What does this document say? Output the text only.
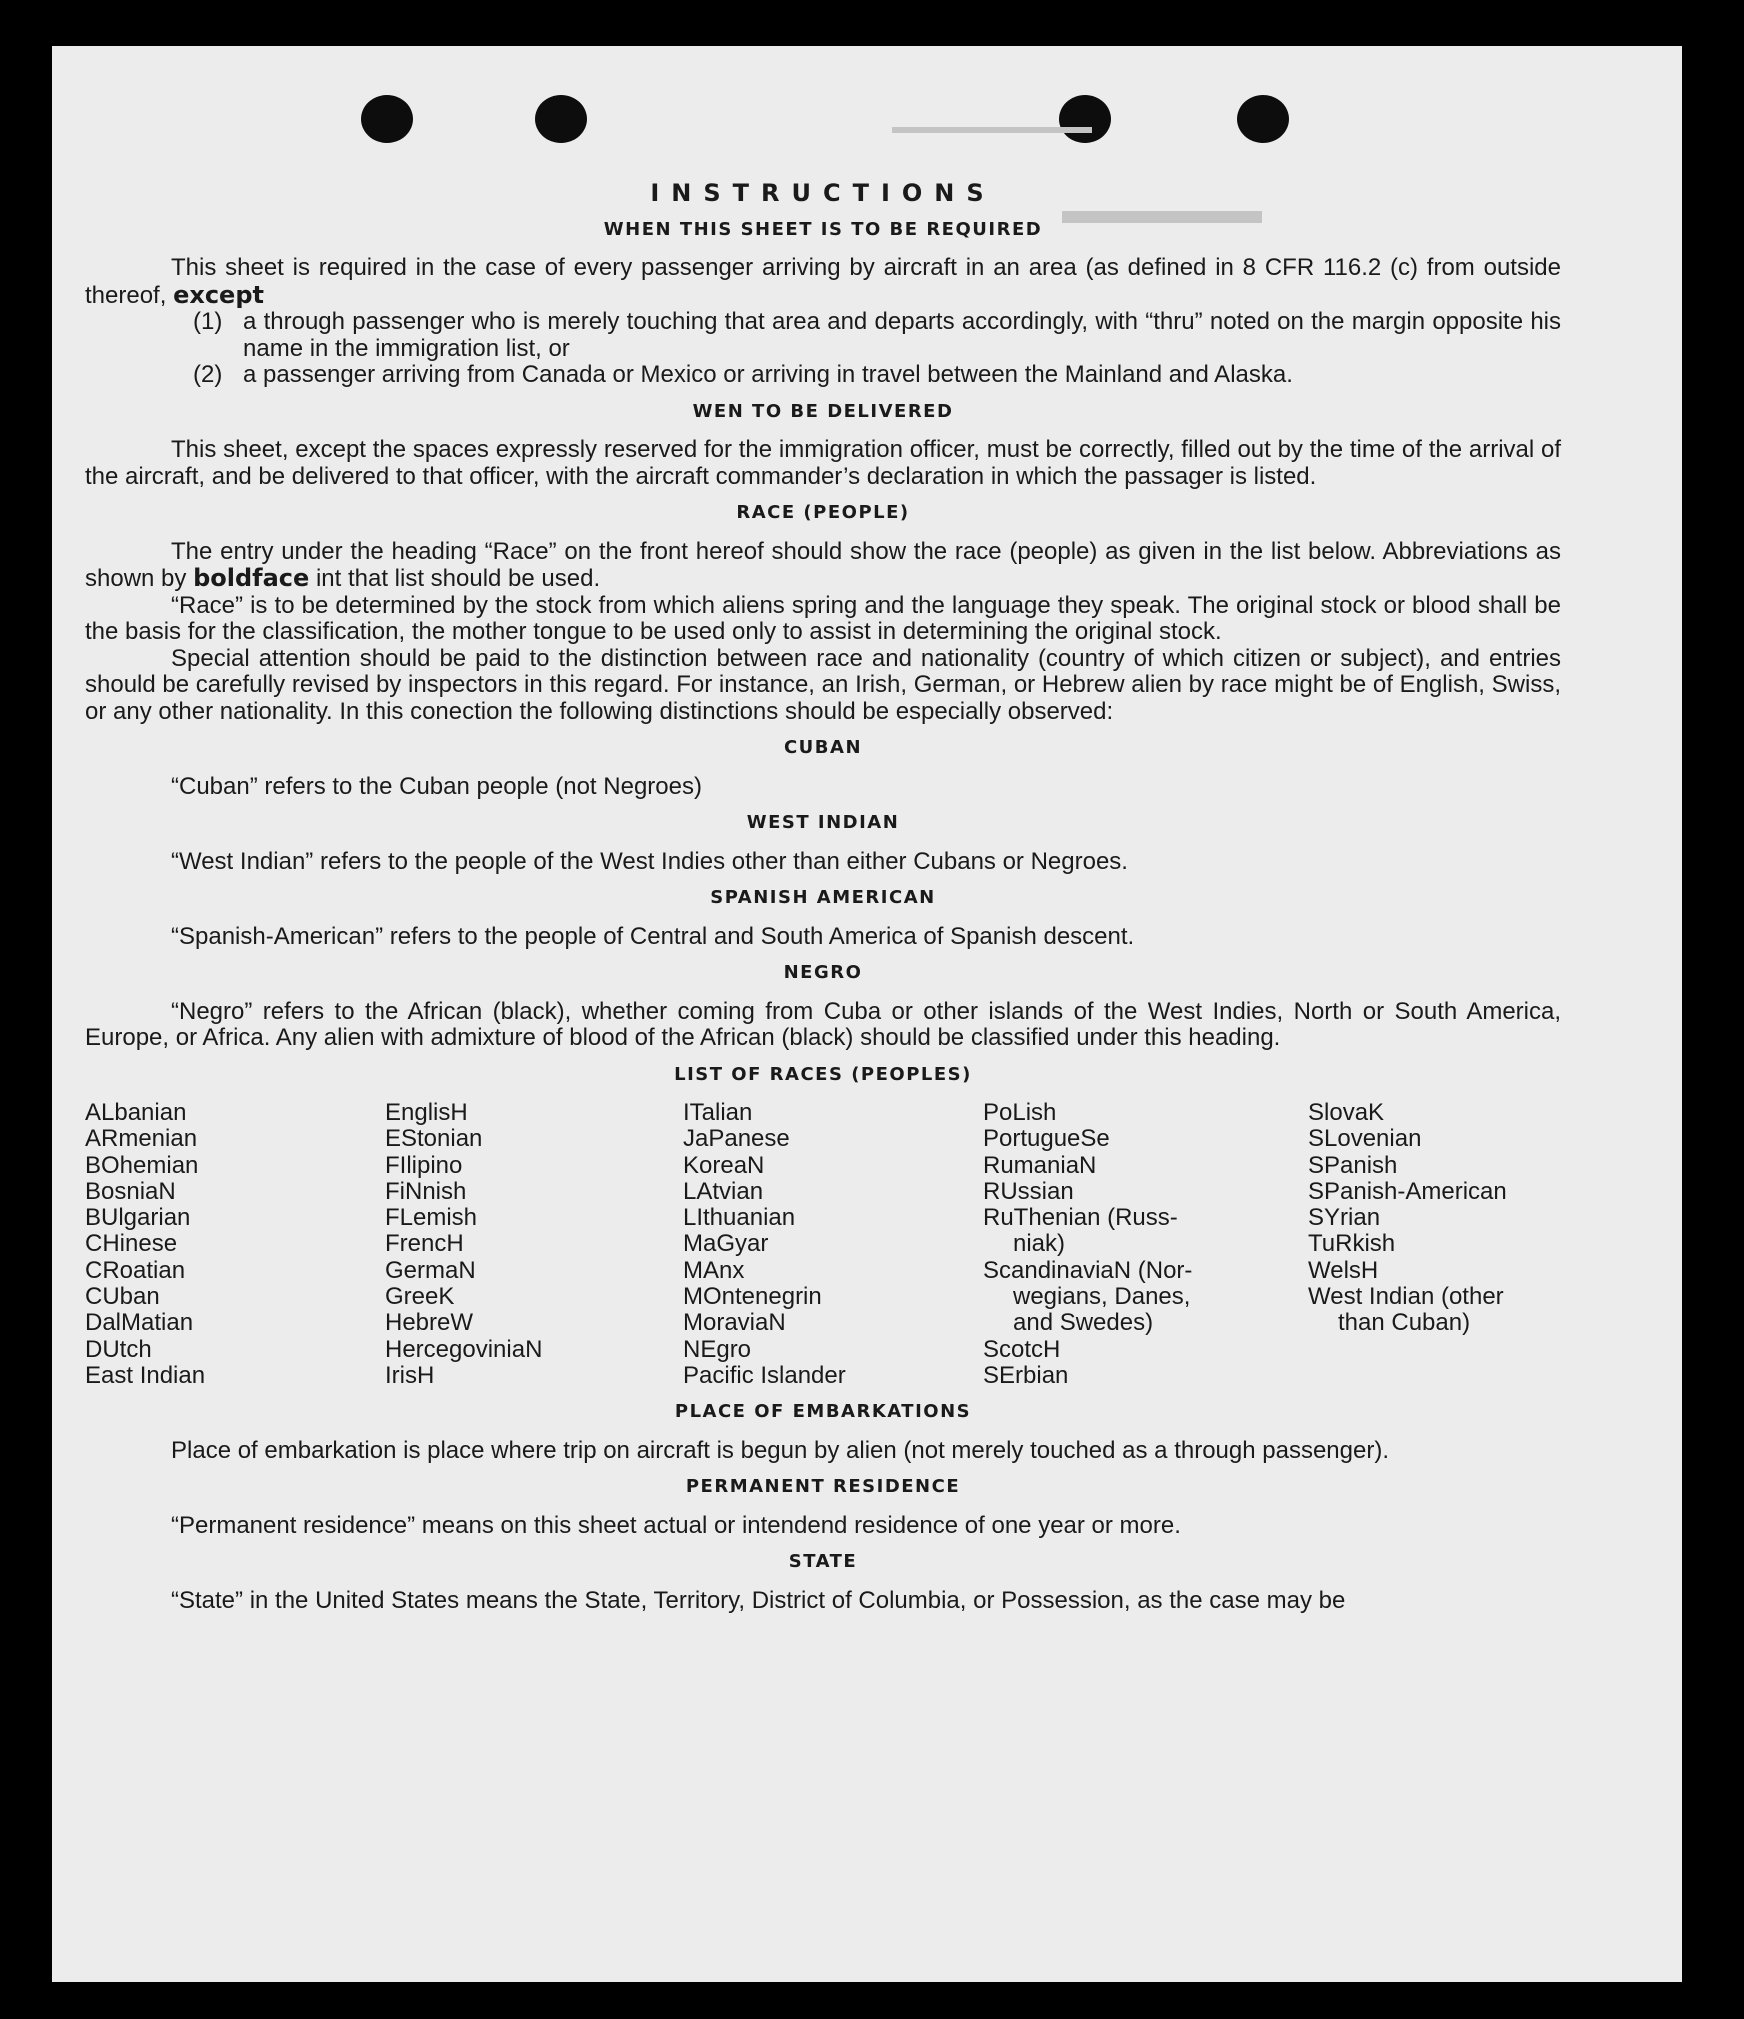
▬▬▬▬▬▬▬▬▬▬
▬▬▬▬▬
INSTRUCTIONS
WHEN THIS SHEET IS TO BE REQUIRED

This sheet is required in the case of every passenger arriving by aircraft in an area (as defined in 8 CFR 116.2 (c) from outside thereof, except

(1) a through passenger who is merely touching that area and departs accordingly, with “thru” noted on the margin opposite his name in the immigration list, or
(2) a passenger arriving from Canada or Mexico or arriving in travel between the Mainland and Alaska.
WEN TO BE DELIVERED

This sheet, except the spaces expressly reserved for the immigration officer, must be correctly, filled out by the time of the arrival of the aircraft, and be delivered to that officer, with the aircraft commander’s declaration in which the passager is listed.

RACE (PEOPLE)

The entry under the heading “Race” on the front hereof should show the race (people) as given in the list below. Abbreviations as shown by boldface int that list should be used.

“Race” is to be determined by the stock from which aliens spring and the language they speak. The original stock or blood shall be the basis for the classification, the mother tongue to be used only to assist in determining the original stock.

Special attention should be paid to the distinction between race and nationality (country of which citizen or subject), and entries should be carefully revised by inspectors in this regard. For instance, an Irish, German, or Hebrew alien by race might be of English, Swiss, or any other nationality. In this conection the following distinctions should be especially observed:

CUBAN

“Cuban” refers to the Cuban people (not Negroes)

WEST INDIAN

“West Indian” refers to the people of the West Indies other than either Cubans or Negroes.

SPANISH AMERICAN

“Spanish-American” refers to the people of Central and South America of Spanish descent.

NEGRO

“Negro” refers to the African (black), whether coming from Cuba or other islands of the West Indies, North or South America, Europe, or Africa. Any alien with admixture of blood of the African (black) should be classified under this heading.

LIST OF RACES (PEOPLES)
ALbanian
ARmenian
BOhemian
BosniaN
BUlgarian
CHinese
CRoatian
CUban
DalMatian
DUtch
East Indian
EnglisH
EStonian
FIlipino
FiNnish
FLemish
FrencH
GermaN
GreeK
HebreW
HercegoviniaN
IrisH
ITalian
JaPanese
KoreaN
LAtvian
LIthuanian
MaGyar
MAnx
MOntenegrin
MoraviaN
NEgro
Pacific Islander
PoLish
PortugueSe
RumaniaN
RUssian
RuThenian (Russ-
niak)
ScandinaviaN (Nor-
wegians, Danes,
and Swedes)
ScotcH
SErbian
SlovaK
SLovenian
SPanish
SPanish-American
SYrian
TuRkish
WelsH
West Indian (other
than Cuban)
PLACE OF EMBARKATIONS

Place of embarkation is place where trip on aircraft is begun by alien (not merely touched as a through passenger).

PERMANENT RESIDENCE

“Permanent residence” means on this sheet actual or intendend residence of one year or more.

STATE

“State” in the United States means the State, Territory, District of Columbia, or Possession, as the case may be
